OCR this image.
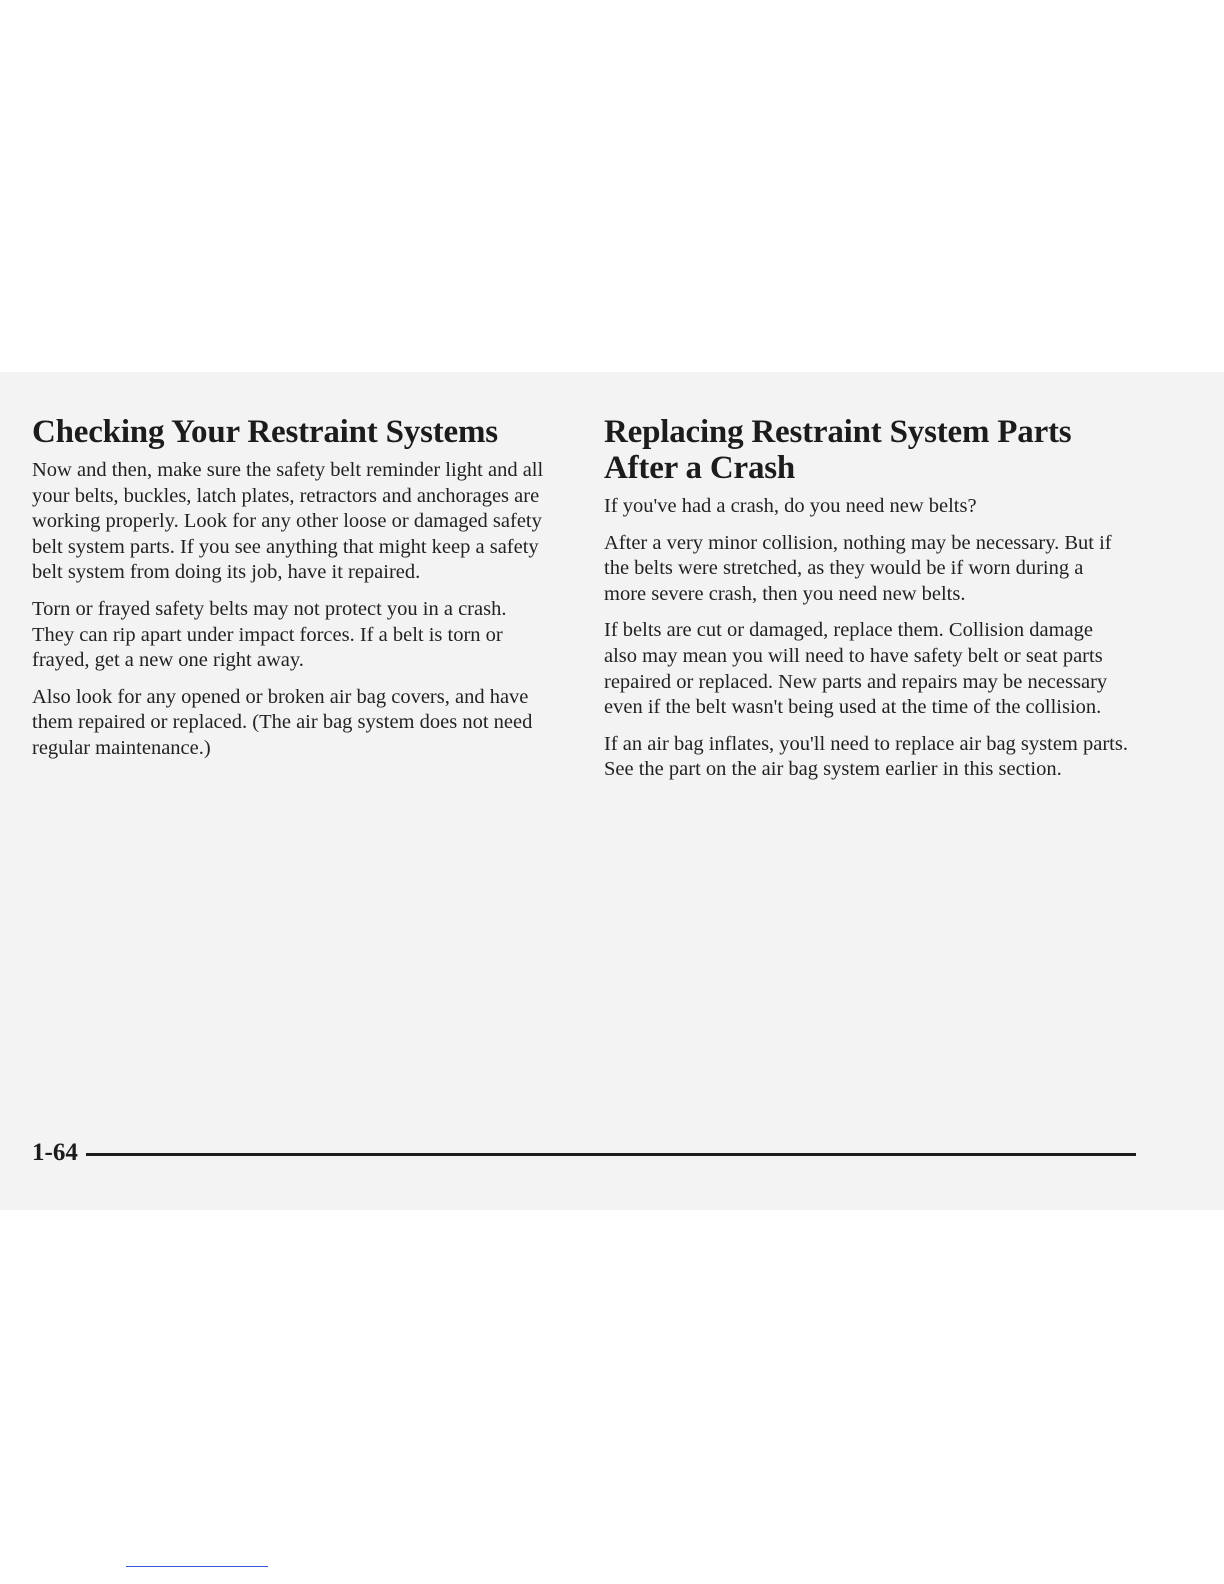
Checking Your Restraint Systems

Now and then, make sure the safety belt reminder light and all your belts, buckles, latch plates, retractors and anchorages are working properly. Look for any other loose or damaged safety belt system parts. If you see anything that might keep a safety belt system from doing its job, have it repaired.

Torn or frayed safety belts may not protect you in a crash. They can rip apart under impact forces. If a belt is torn or frayed, get a new one right away.

Also look for any opened or broken air bag covers, and have them repaired or replaced. (The air bag system does not need regular maintenance.)

Replacing Restraint System Parts After a Crash

If you've had a crash, do you need new belts?

After a very minor collision, nothing may be necessary. But if the belts were stretched, as they would be if worn during a more severe crash, then you need new belts.

If belts are cut or damaged, replace them. Collision damage also may mean you will need to have safety belt or seat parts repaired or replaced. New parts and repairs may be necessary even if the belt wasn't being used at the time of the collision.

If an air bag inflates, you'll need to replace air bag system parts. See the part on the air bag system earlier in this section.

1-64
